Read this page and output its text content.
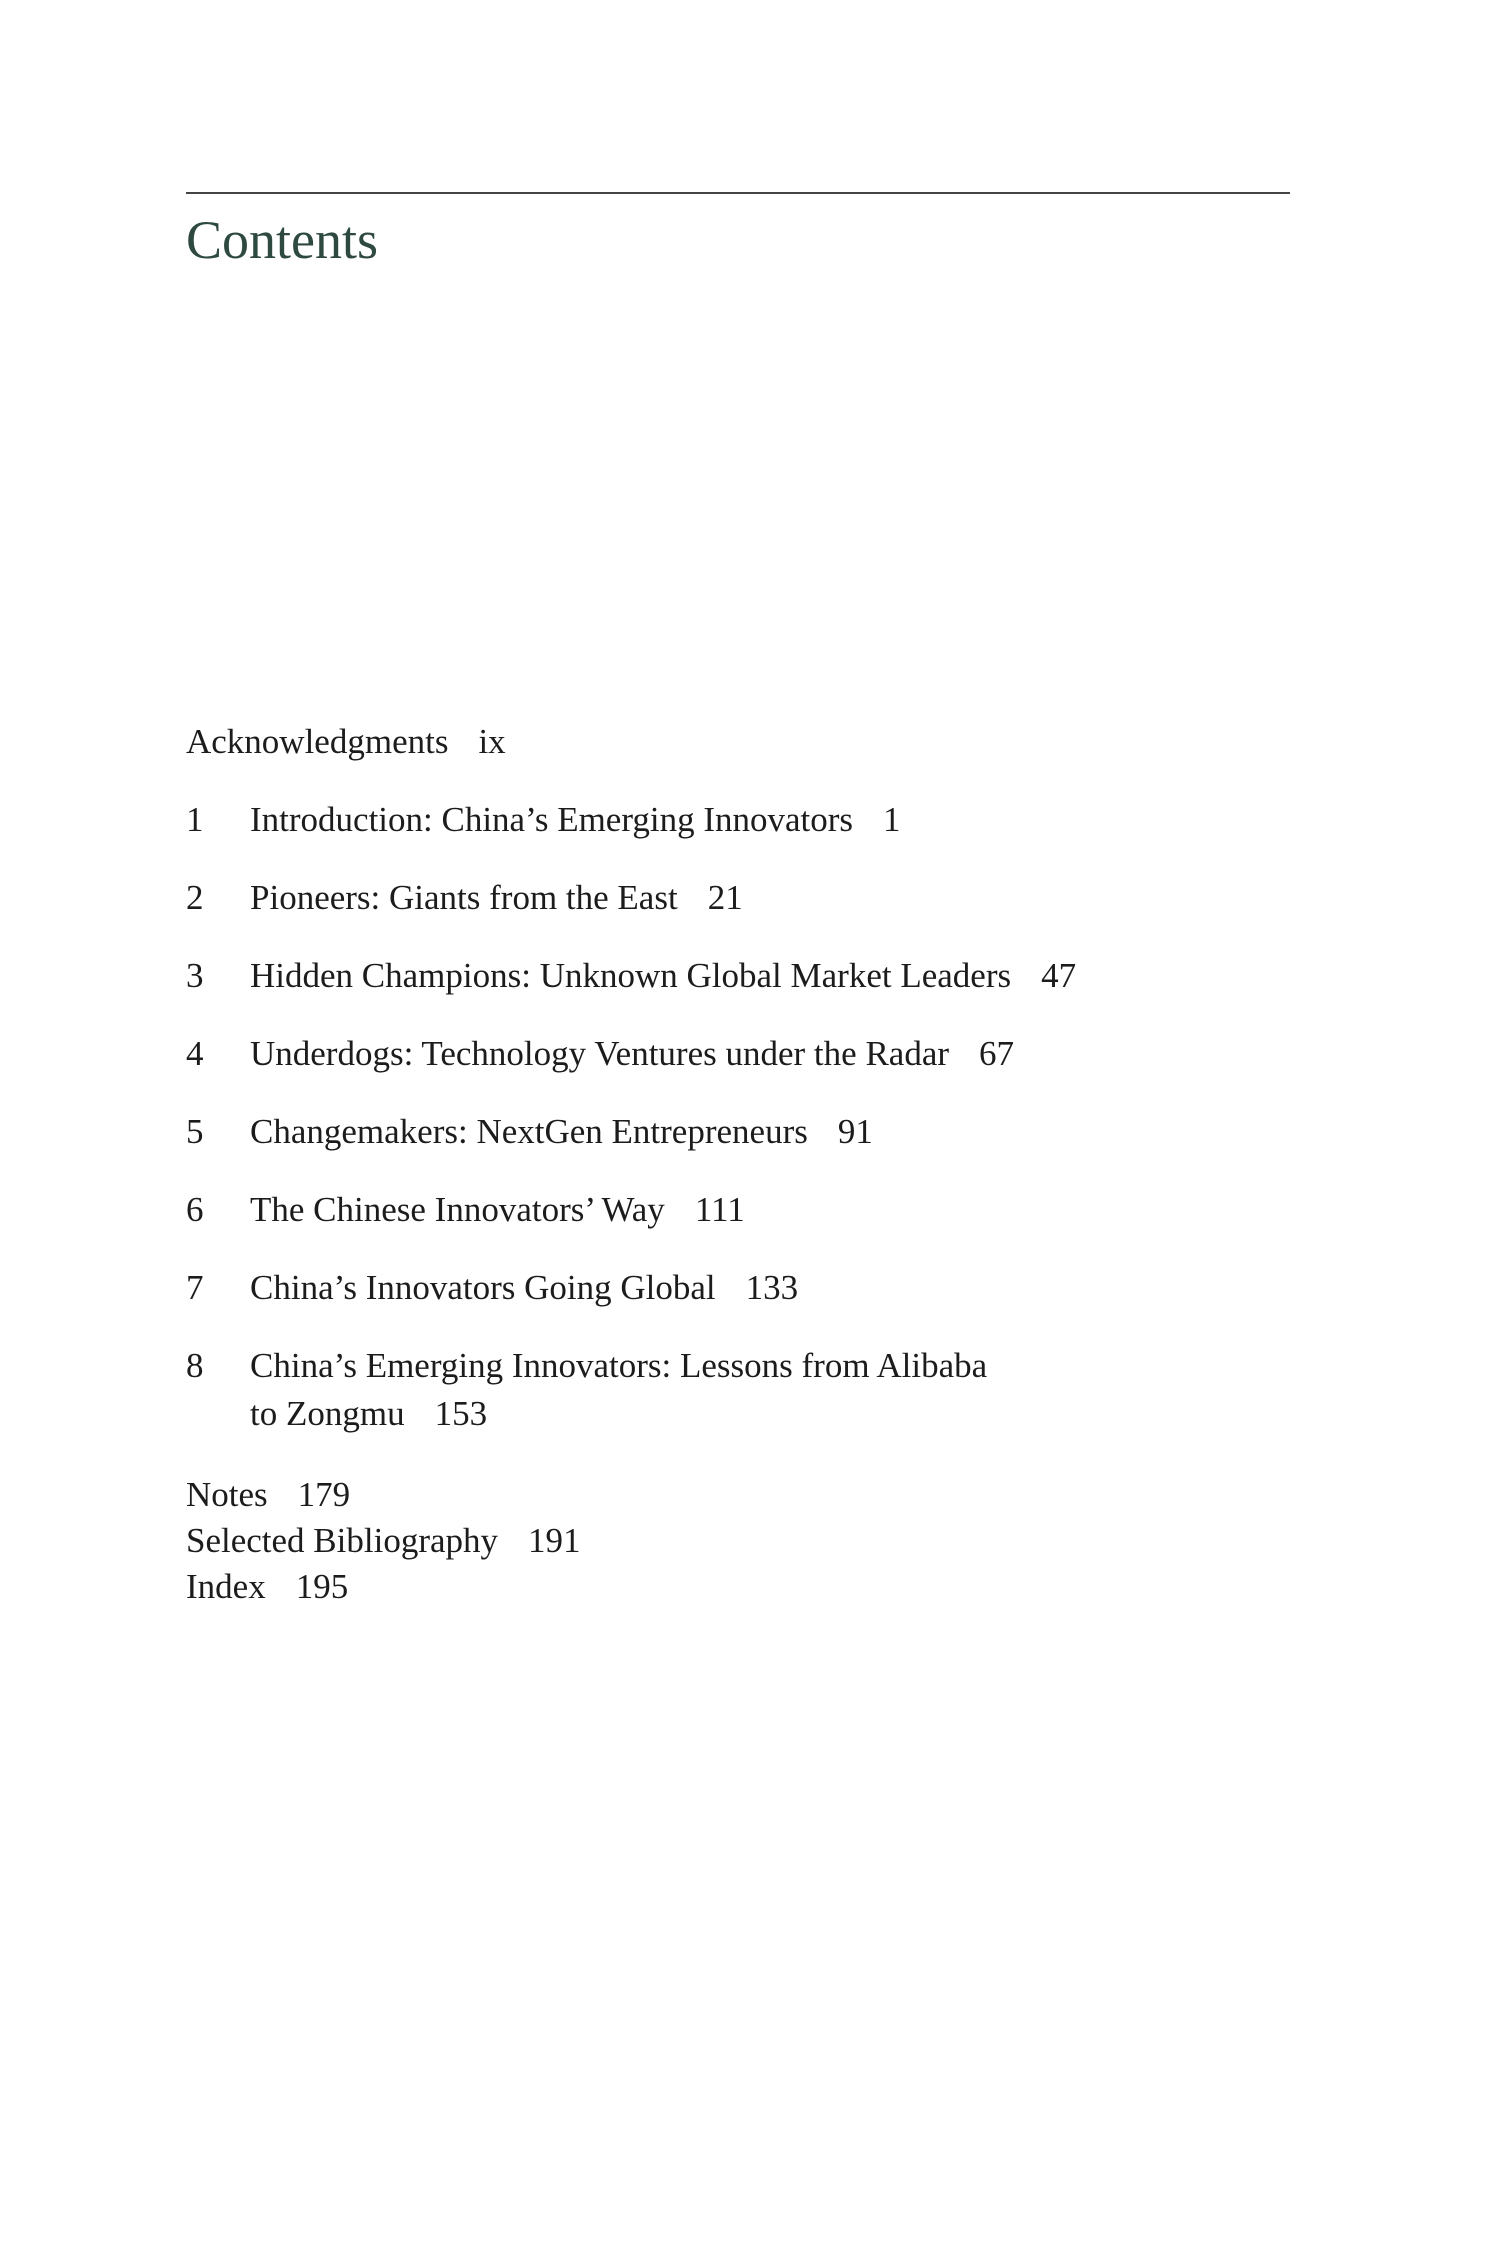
Contents
Acknowledgments ix
1	Introduction: China’s Emerging Innovators 1
2	Pioneers: Giants from the East 21
3	Hidden Champions: Unknown Global Market Leaders 47
4	Underdogs: Technology Ventures under the Radar 67
5	Changemakers: NextGen Entrepreneurs 91
6	The Chinese Innovators’ Way 111
7	China’s Innovators Going Global 133
8	China’s Emerging Innovators: Lessons from Alibaba
to Zongmu 153
Notes 179
Selected Bibliography 191
Index 195
